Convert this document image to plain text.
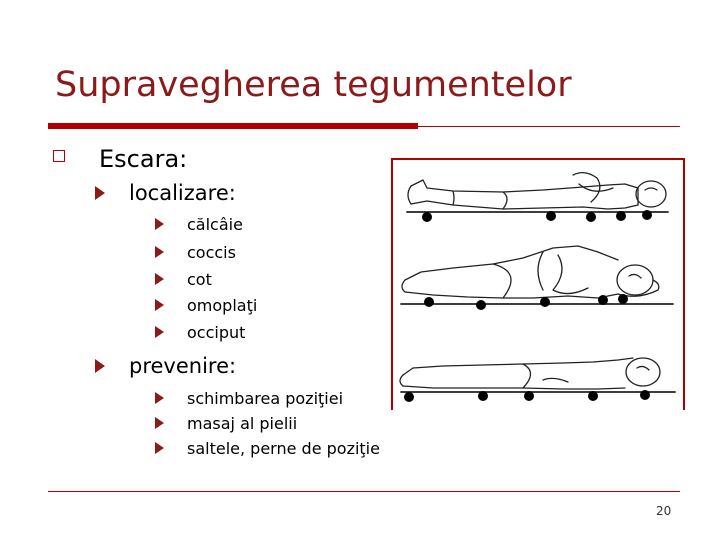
Supravegherea tegumentelor
Escara:
localizare:
călcâie
coccis
cot
omoplaţi
occiput
prevenire:
schimbarea poziţiei
masaj al pielii
saltele, perne de poziţie
20
